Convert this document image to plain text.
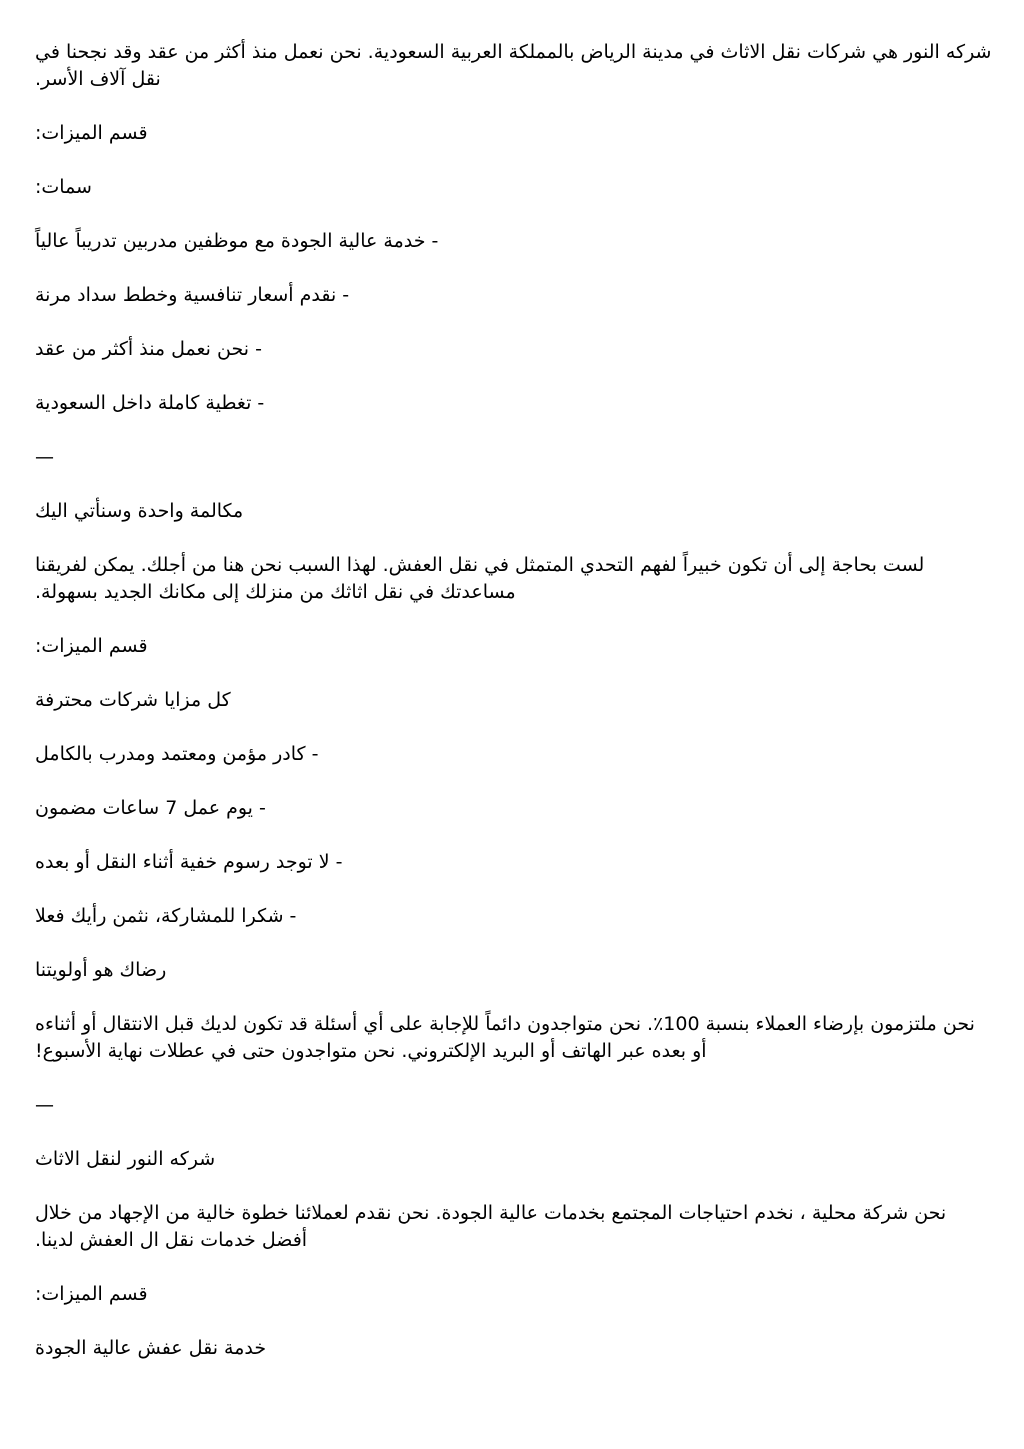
شركه النور هي شركات نقل الاثاث في مدينة الرياض بالمملكة العربية السعودية. نحن نعمل منذ أكثر من عقد وقد نجحنا في نقل آلاف الأسر.

قسم الميزات:

سمات:

- خدمة عالية الجودة مع موظفين مدربين تدريباً عالياً

- نقدم أسعار تنافسية وخطط سداد مرنة

- نحن نعمل منذ أكثر من عقد

- تغطية كاملة داخل السعودية

—

مكالمة واحدة وسنأتي اليك

لست بحاجة إلى أن تكون خبيراً لفهم التحدي المتمثل في نقل العفش. لهذا السبب نحن هنا من أجلك. يمكن لفريقنا مساعدتك في نقل اثاثك من منزلك إلى مكانك الجديد بسهولة.

قسم الميزات:

كل مزايا شركات محترفة

- كادر مؤمن ومعتمد ومدرب بالكامل

- يوم عمل 7 ساعات مضمون

- لا توجد رسوم خفية أثناء النقل أو بعده

- شكرا للمشاركة، نثمن رأيك فعلا

رضاك هو أولويتنا

نحن ملتزمون بإرضاء العملاء بنسبة 100٪. نحن متواجدون دائماً للإجابة على أي أسئلة قد تكون لديك قبل الانتقال أو أثناءه أو بعده عبر الهاتف أو البريد الإلكتروني. نحن متواجدون حتى في عطلات نهاية الأسبوع!

—

شركه النور لنقل الاثاث

نحن شركة محلية ، نخدم احتياجات المجتمع بخدمات عالية الجودة. نحن نقدم لعملائنا خطوة خالية من الإجهاد من خلال أفضل خدمات نقل ال العفش لدينا.

قسم الميزات:

خدمة نقل عفش عالية الجودة
